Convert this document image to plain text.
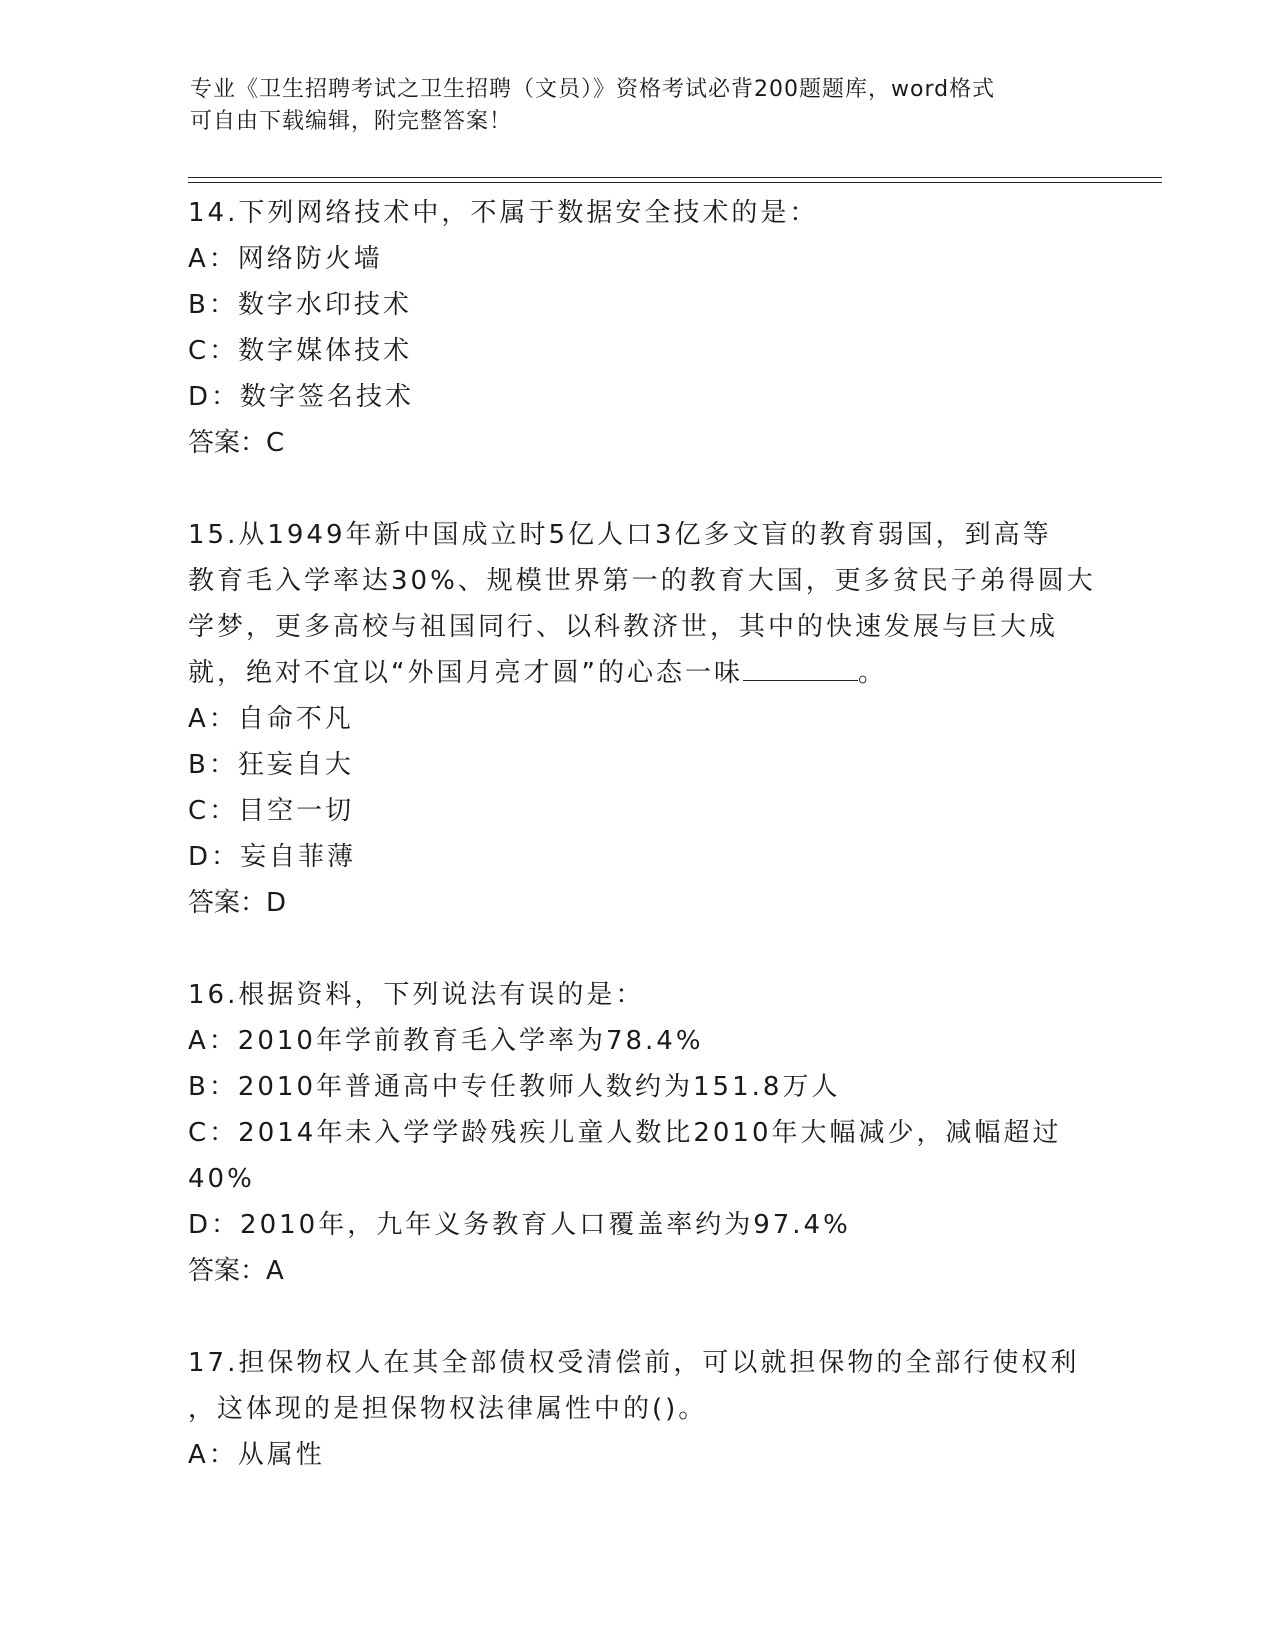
专业《卫生招聘考试之卫生招聘（文员）》资格考试必背200题题库，word格式
可自由下载编辑，附完整答案！
14.下列网络技术中，不属于数据安全技术的是：
A：网络防火墙
B：数字水印技术
C：数字媒体技术
D：数字签名技术
答案：C
15.从1949年新中国成立时5亿人口3亿多文盲的教育弱国，到高等
教育毛入学率达30%、规模世界第一的教育大国，更多贫民子弟得圆大
学梦，更多高校与祖国同行、以科教济世，其中的快速发展与巨大成
就，绝对不宜以“外国月亮才圆”的心态一味	。
A：自命不凡
B：狂妄自大
C：目空一切
D：妄自菲薄
答案：D
16.根据资料，下列说法有误的是：
A：2010年学前教育毛入学率为78.4%
B：2010年普通高中专任教师人数约为151.8万人
C：2014年未入学学龄残疾儿童人数比2010年大幅减少，减幅超过
40%
D：2010年，九年义务教育人口覆盖率约为97.4%
答案：A
17.担保物权人在其全部债权受清偿前，可以就担保物的全部行使权利
，这体现的是担保物权法律属性中的()。
A：从属性
